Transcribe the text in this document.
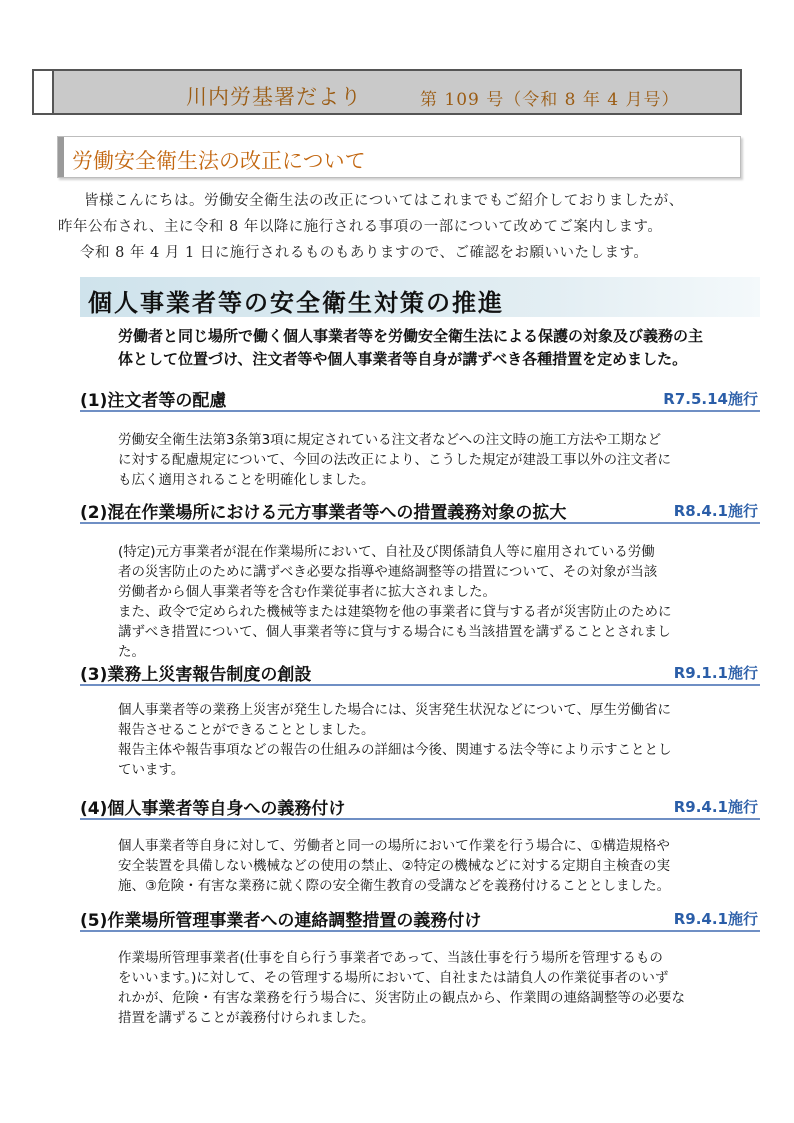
川内労基署だより	第 109 号（令和 8 年 4 月号）
労働安全衛生法の改正について
皆様こんにちは。労働安全衛生法の改正についてはこれまでもご紹介しておりましたが、
昨年公布され、主に令和 8 年以降に施行される事項の一部について改めてご案内します。
令和 8 年 4 月 1 日に施行されるものもありますので、ご確認をお願いいたします。
個人事業者等の安全衛生対策の推進
労働者と同じ場所で働く個人事業者等を労働安全衛生法による保護の対象及び義務の主
体として位置づけ、注文者等や個人事業者等自身が講ずべき各種措置を定めました。
(1)注文者等の配慮	R7.5.14施行
労働安全衛生法第3条第3項に規定されている注文者などへの注文時の施工方法や工期など
に対する配慮規定について、今回の法改正により、こうした規定が建設工事以外の注文者に
も広く適用されることを明確化しました。
(2)混在作業場所における元方事業者等への措置義務対象の拡大	R8.4.1施行
(特定)元方事業者が混在作業場所において、自社及び関係請負人等に雇用されている労働
者の災害防止のために講ずべき必要な指導や連絡調整等の措置について、その対象が当該
労働者から個人事業者等を含む作業従事者に拡大されました。
また、政令で定められた機械等または建築物を他の事業者に貸与する者が災害防止のために
講ずべき措置について、個人事業者等に貸与する場合にも当該措置を講ずることとされまし
た。
(3)業務上災害報告制度の創設	R9.1.1施行
個人事業者等の業務上災害が発生した場合には、災害発生状況などについて、厚生労働省に
報告させることができることとしました。
報告主体や報告事項などの報告の仕組みの詳細は今後、関連する法令等により示すこととし
ています。
(4)個人事業者等自身への義務付け	R9.4.1施行
個人事業者等自身に対して、労働者と同一の場所において作業を行う場合に、①構造規格や
安全装置を具備しない機械などの使用の禁止、②特定の機械などに対する定期自主検査の実
施、③危険・有害な業務に就く際の安全衛生教育の受講などを義務付けることとしました。
(5)作業場所管理事業者への連絡調整措置の義務付け	R9.4.1施行
作業場所管理事業者(仕事を自ら行う事業者であって、当該仕事を行う場所を管理するもの
をいいます。)に対して、その管理する場所において、自社または請負人の作業従事者のいず
れかが、危険・有害な業務を行う場合に、災害防止の観点から、作業間の連絡調整等の必要な
措置を講ずることが義務付けられました。
